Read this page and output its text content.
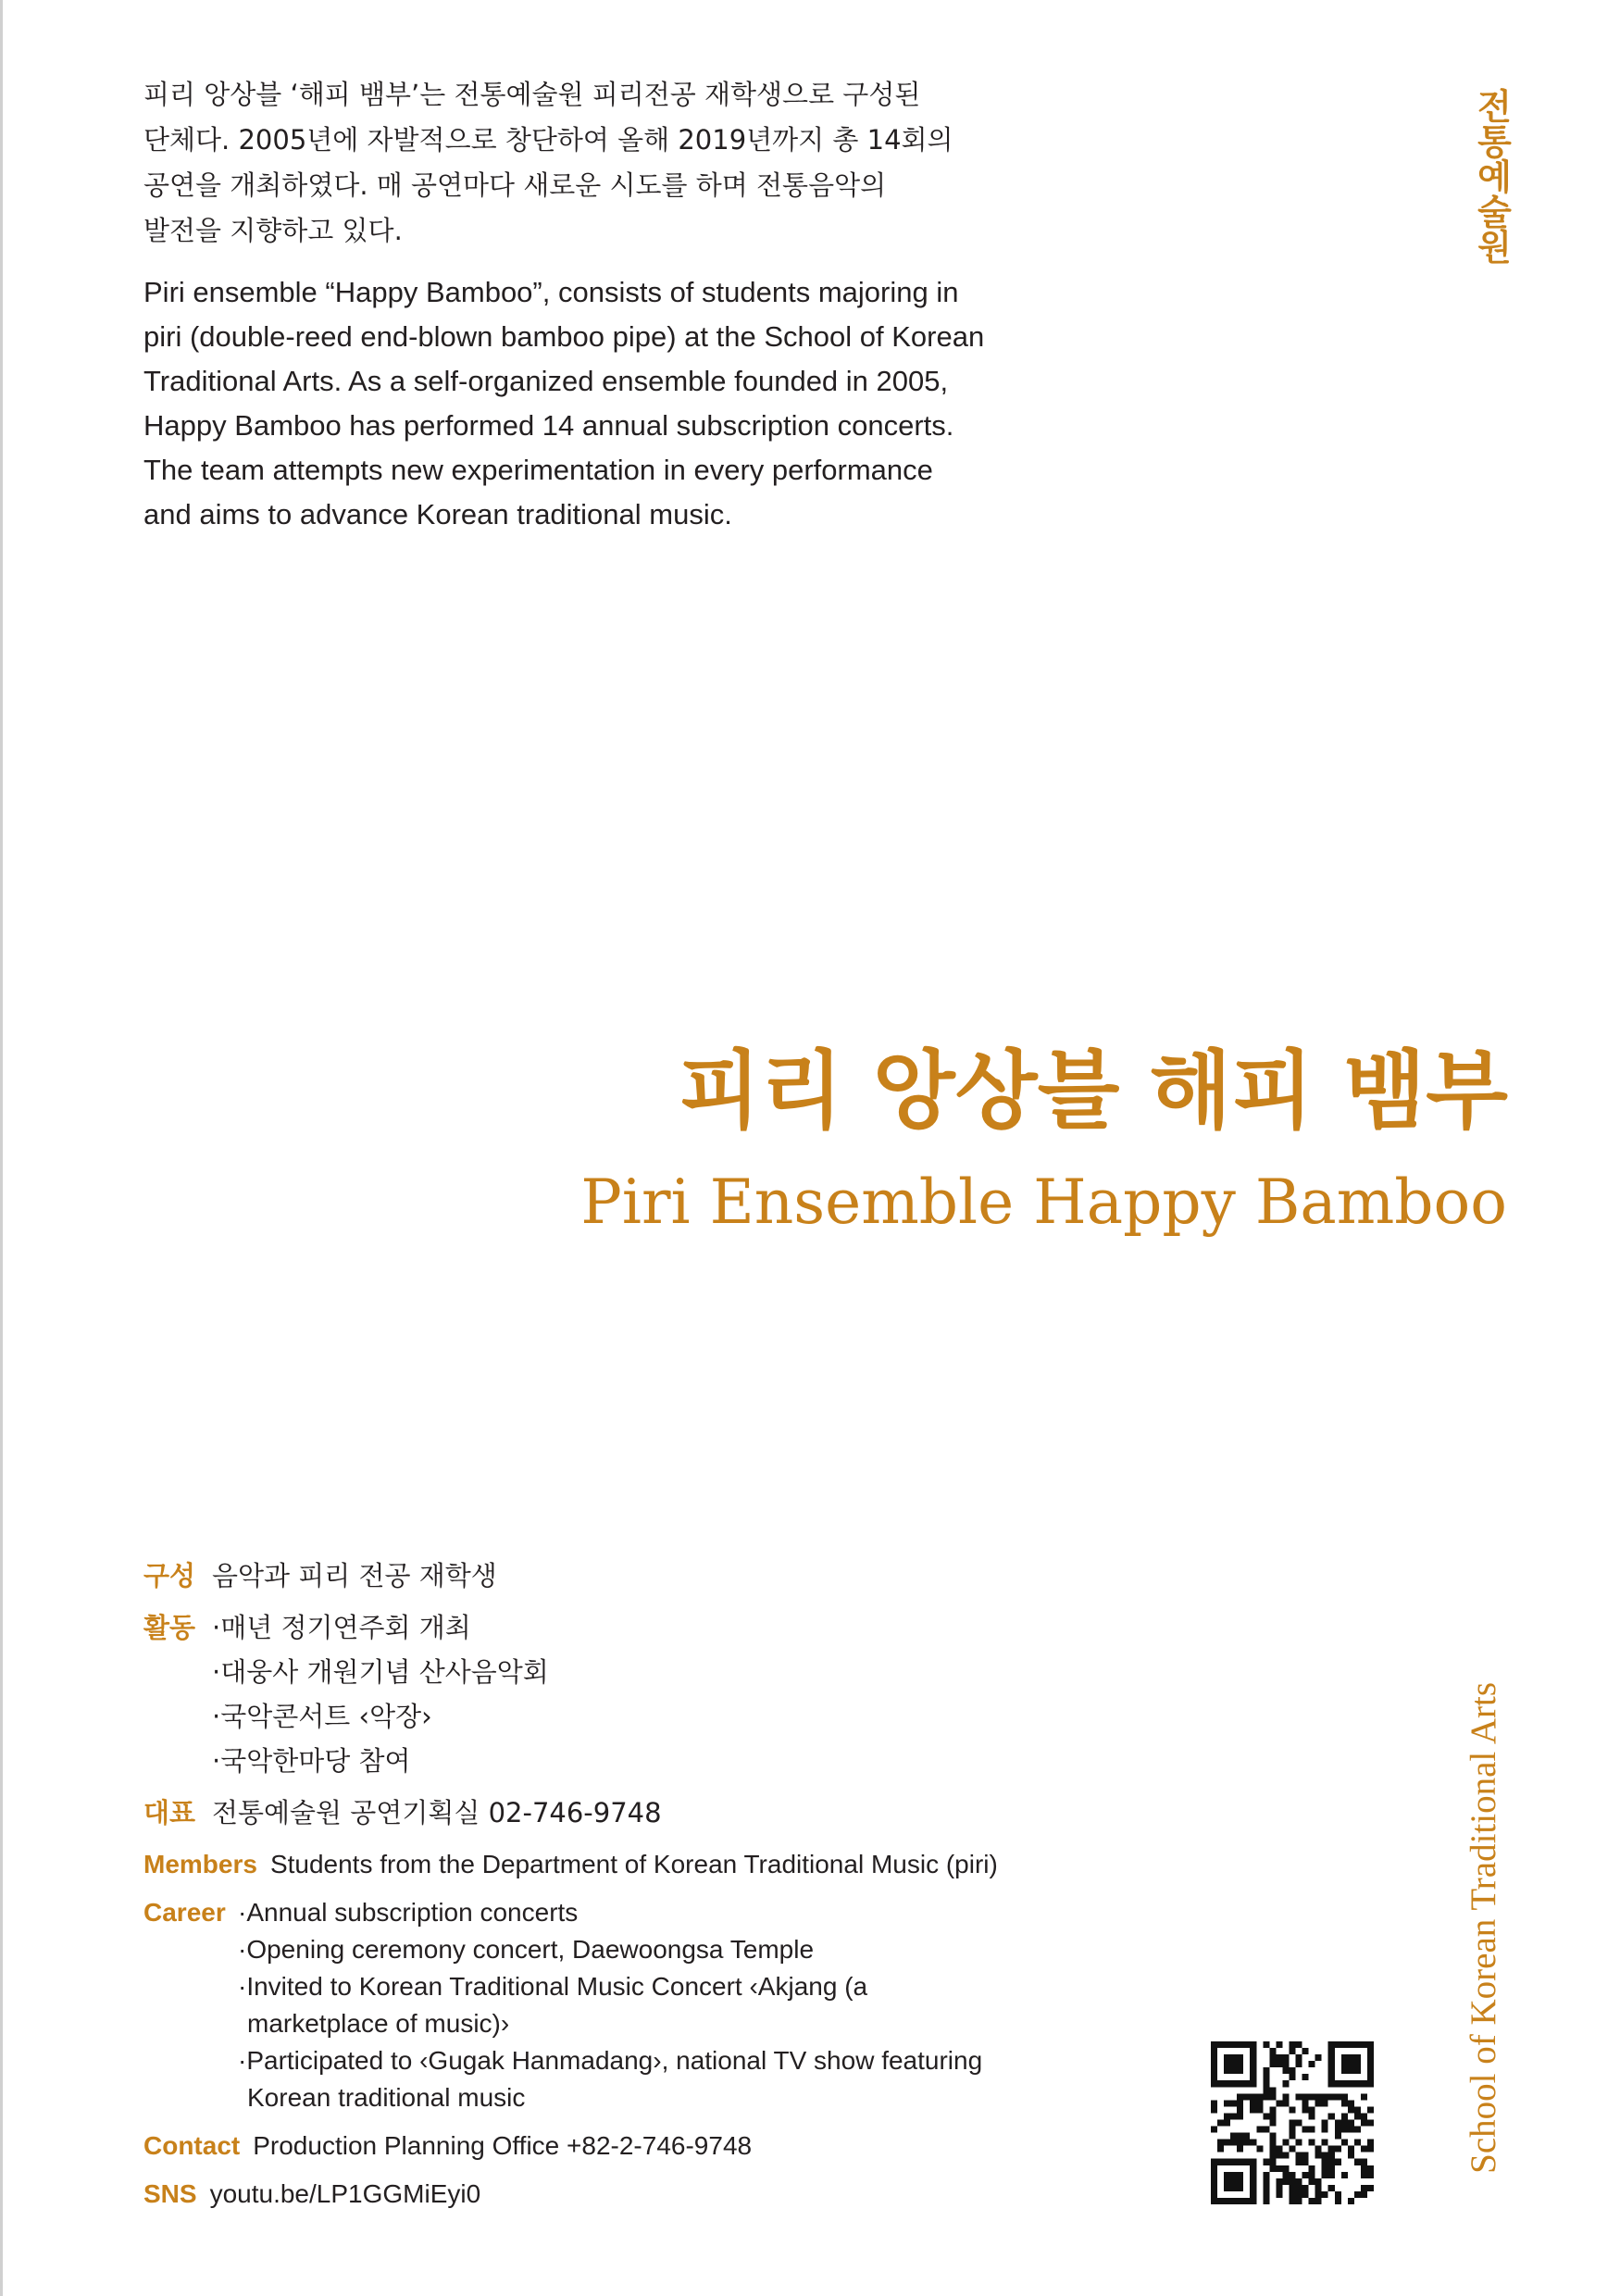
피리 앙상블 ‘해피 뱀부’는 전통예술원 피리전공 재학생으로 구성된

단체다. 2005년에 자발적으로 창단하여 올해 2019년까지 총 14회의

공연을 개최하였다. 매 공연마다 새로운 시도를 하며 전통음악의

발전을 지향하고 있다.

Piri ensemble “Happy Bamboo”, consists of students majoring in

piri (double-reed end-blown bamboo pipe) at the School of Korean

Traditional Arts. As a self-organized ensemble founded in 2005,

Happy Bamboo has performed 14 annual subscription concerts.

The team attempts new experimentation in every performance

and aims to advance Korean traditional music.

전통예술원
피리 앙상블 해피 뱀부
Piri Ensemble Happy Bamboo
구성 음악과 피리 전공 재학생
활동 ·매년 정기연주회 개최
·대웅사 개원기념 산사음악회
·국악콘서트 ‹악장›
·국악한마당 참여
대표 전통예술원 공연기획실 02-746-9748
Members Students from the Department of Korean Traditional Music (piri)
Career ·Annual subscription concerts
·Opening ceremony concert, Daewoongsa Temple
·Invited to Korean Traditional Music Concert ‹Akjang (a
marketplace of music)›
·Participated to ‹Gugak Hanmadang›, national TV show featuring
Korean traditional music
Contact Production Planning Office +82-2-746-9748
SNS youtu.be/LP1GGMiEyi0
School of Korean Traditional Arts
